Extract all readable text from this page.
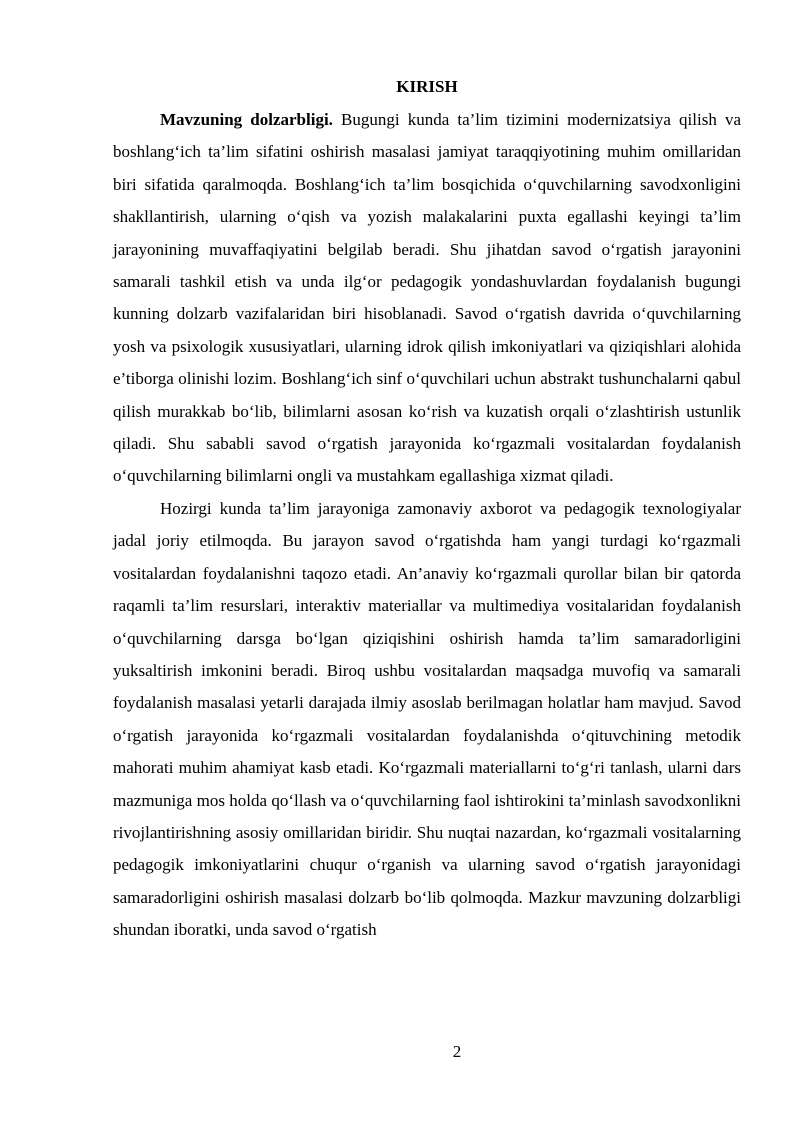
KIRISH

Mavzuning dolzarbligi. Bugungi kunda ta’lim tizimini modernizatsiya qilish va boshlang‘ich ta’lim sifatini oshirish masalasi jamiyat taraqqiyotining muhim omillaridan biri sifatida qaralmoqda. Boshlang‘ich ta’lim bosqichida o‘quvchilarning savodxonligini shakllantirish, ularning o‘qish va yozish malakalarini puxta egallashi keyingi ta’lim jarayonining muvaffaqiyatini belgilab beradi. Shu jihatdan savod o‘rgatish jarayonini samarali tashkil etish va unda ilg‘or pedagogik yondashuvlardan foydalanish bugungi kunning dolzarb vazifalaridan biri hisoblanadi. Savod o‘rgatish davrida o‘quvchilarning yosh va psixologik xususiyatlari, ularning idrok qilish imkoniyatlari va qiziqishlari alohida e’tiborga olinishi lozim. Boshlang‘ich sinf o‘quvchilari uchun abstrakt tushunchalarni qabul qilish murakkab bo‘lib, bilimlarni asosan ko‘rish va kuzatish orqali o‘zlashtirish ustunlik qiladi. Shu sababli savod o‘rgatish jarayonida ko‘rgazmali vositalardan foydalanish o‘quvchilarning bilimlarni ongli va mustahkam egallashiga xizmat qiladi.

Hozirgi kunda ta’lim jarayoniga zamonaviy axborot va pedagogik texnologiyalar jadal joriy etilmoqda. Bu jarayon savod o‘rgatishda ham yangi turdagi ko‘rgazmali vositalardan foydalanishni taqozo etadi. An’anaviy ko‘rgazmali qurollar bilan bir qatorda raqamli ta’lim resurslari, interaktiv materiallar va multimediya vositalaridan foydalanish o‘quvchilarning darsga bo‘lgan qiziqishini oshirish hamda ta’lim samaradorligini yuksaltirish imkonini beradi. Biroq ushbu vositalardan maqsadga muvofiq va samarali foydalanish masalasi yetarli darajada ilmiy asoslab berilmagan holatlar ham mavjud. Savod o‘rgatish jarayonida ko‘rgazmali vositalardan foydalanishda o‘qituvchining metodik mahorati muhim ahamiyat kasb etadi. Ko‘rgazmali materiallarni to‘g‘ri tanlash, ularni dars mazmuniga mos holda qo‘llash va o‘quvchilarning faol ishtirokini ta’minlash savodxonlikni rivojlantirishning asosiy omillaridan biridir. Shu nuqtai nazardan, ko‘rgazmali vositalarning pedagogik imkoniyatlarini chuqur o‘rganish va ularning savod o‘rgatish jarayonidagi samaradorligini oshirish masalasi dolzarb bo‘lib qolmoqda. Mazkur mavzuning dolzarbligi shundan iboratki, unda savod o‘rgatish

2
